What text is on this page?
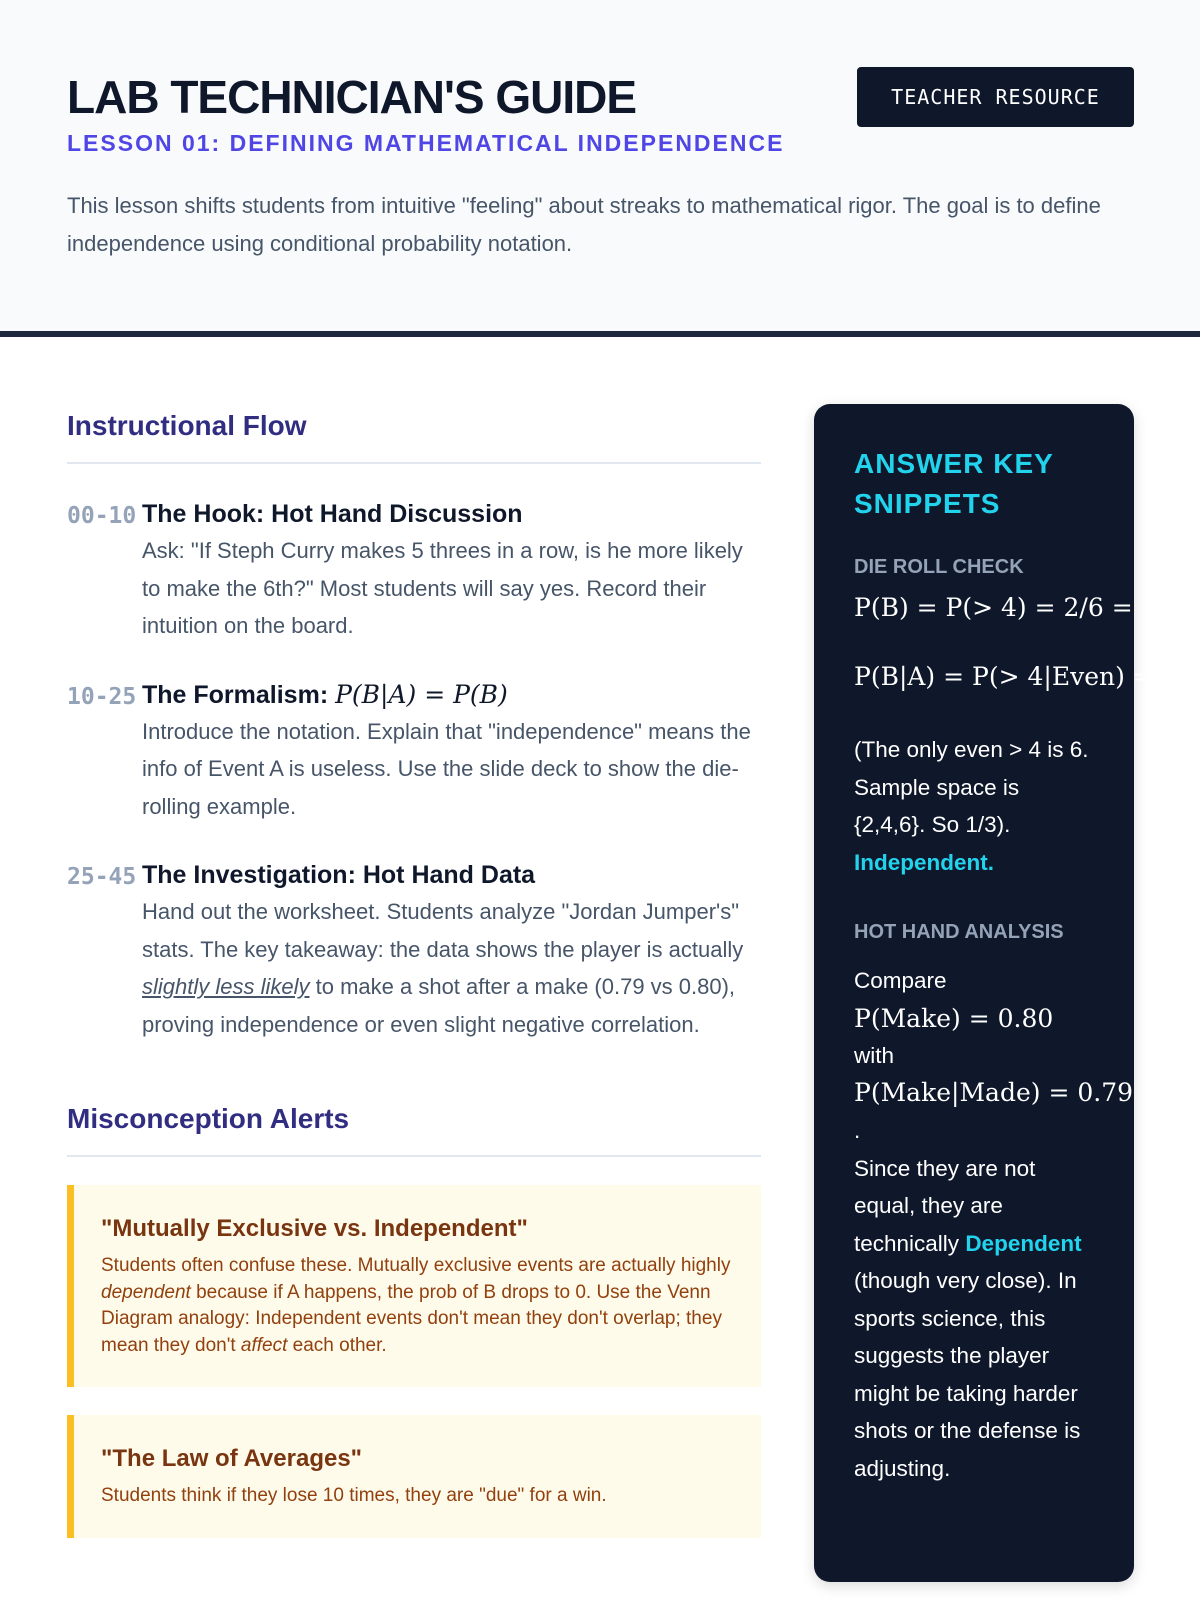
LAB TECHNICIAN'S GUIDE
LESSON 01: DEFINING MATHEMATICAL INDEPENDENCE

This lesson shifts students from intuitive "feeling" about streaks to mathematical rigor. The goal is to define independence using conditional probability notation.

TEACHER RESOURCE
Instructional Flow
00-10 The Hook: Hot Hand Discussion
Ask: "If Steph Curry makes 5 threes in a row, is he more likely to make the 6th?" Most students will say yes. Record their intuition on the board.
10-25 The Formalism: P(B|A) = P(B)
Introduce the notation. Explain that "independence" means the info of Event A is useless. Use the slide deck to show the die-rolling example.
25-45 The Investigation: Hot Hand Data
Hand out the worksheet. Students analyze "Jordan Jumper's" stats. The key takeaway: the data shows the player is actually slightly less likely to make a shot after a make (0.79 vs 0.80), proving independence or even slight negative correlation.
Misconception Alerts
"Mutually Exclusive vs. Independent"
Students often confuse these. Mutually exclusive events are actually highly dependent because if A happens, the prob of B drops to 0. Use the Venn Diagram analogy: Independent events don't mean they don't overlap; they mean they don't affect each other.
"The Law of Averages"
Students think if they lose 10 times, they are "due" for a win.
ANSWER KEY SNIPPETS
DIE ROLL CHECK
P(B) = P(> 4) = 2/6 = 1/3
P(B|A) = P(> 4|Even) = 1/3
(The only even > 4 is 6. Sample space is {2,4,6}. So 1/3). Independent.
HOT HAND ANALYSIS
Compare
P(Make) = 0.80
with
P(Make|Made) = 0.79
.
Since they are not equal, they are technically Dependent (though very close). In sports science, this suggests the player might be taking harder shots or the defense is adjusting.
